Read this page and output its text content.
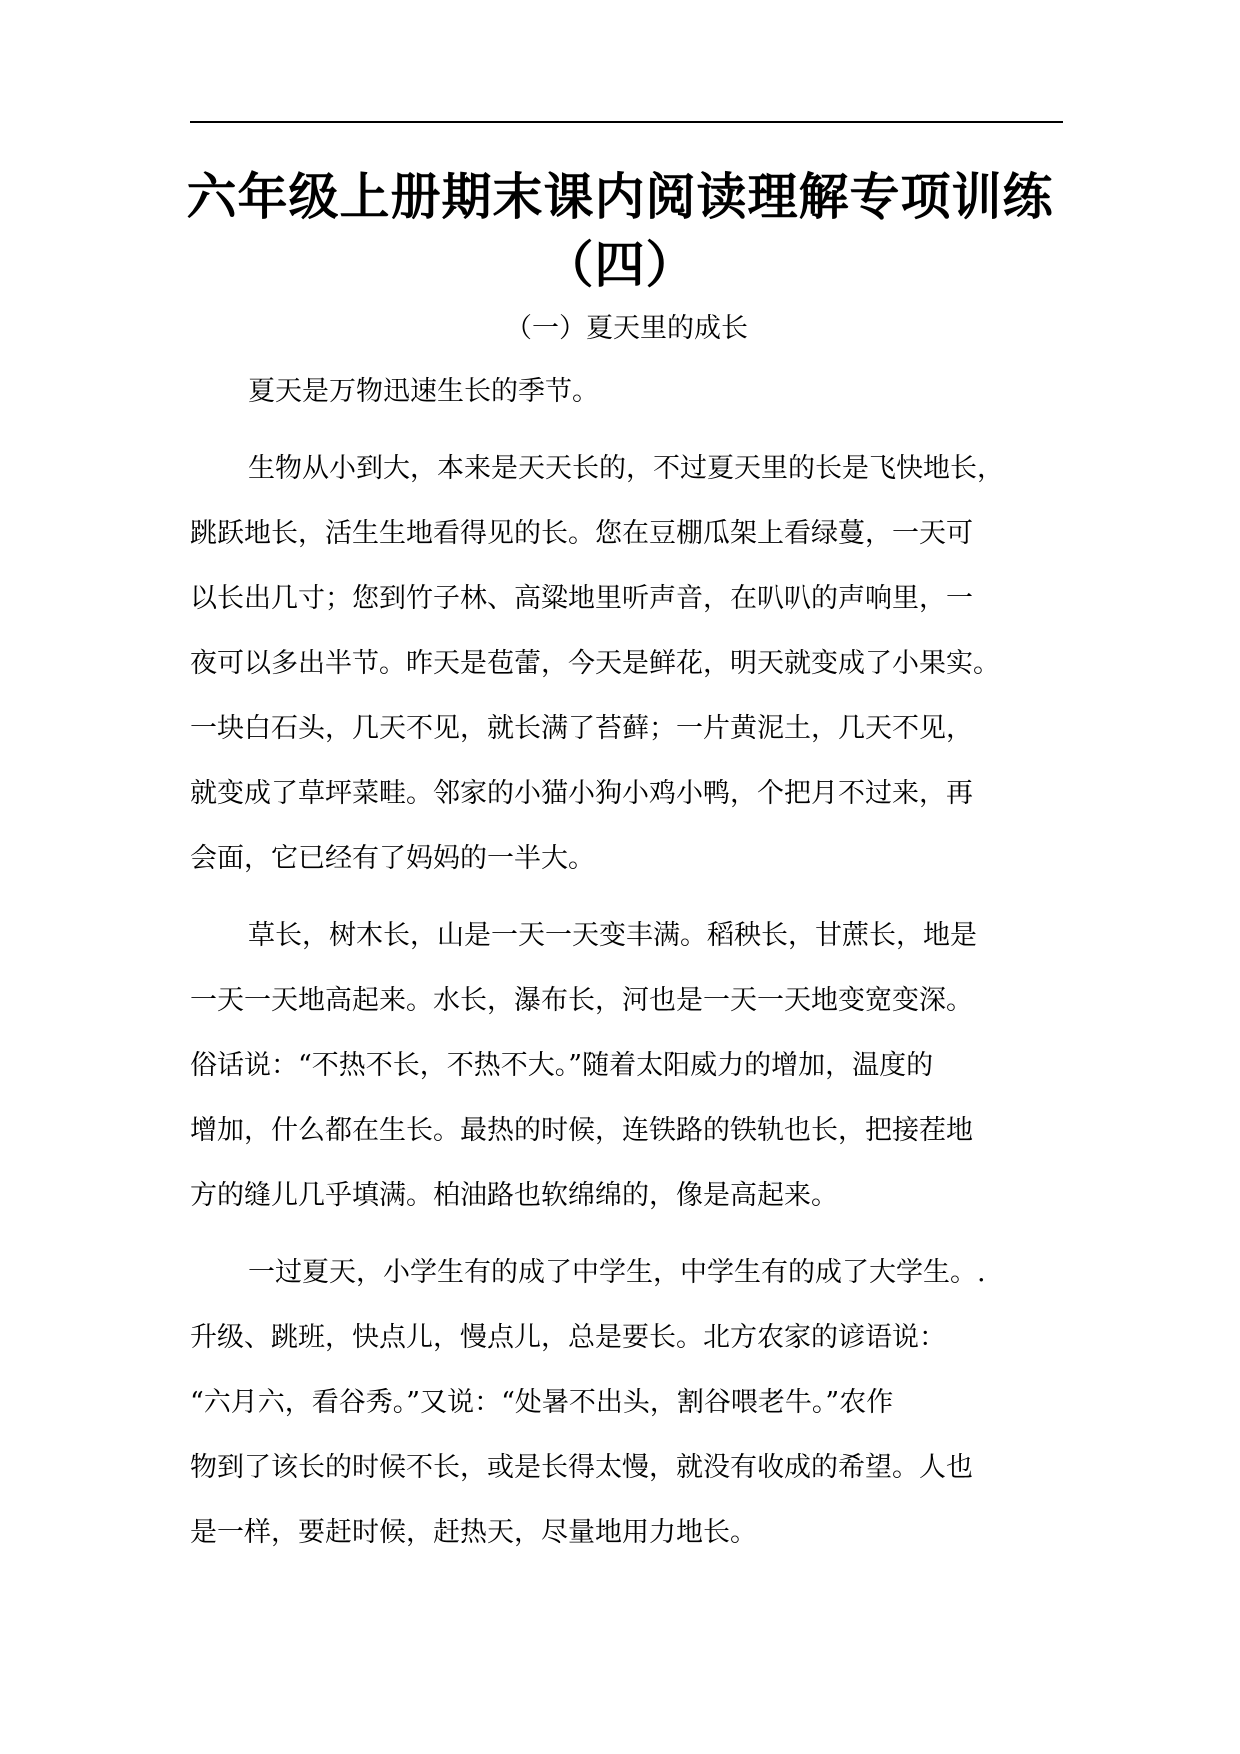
六年级上册期末课内阅读理解专项训练
（四）
（一）夏天里的成长
夏天是万物迅速生长的季节。
生物从小到大，本来是天天长的，不过夏天里的长是飞快地长，
跳跃地长，活生生地看得见的长。您在豆棚瓜架上看绿蔓，一天可
以长出几寸；您到竹子林、高粱地里听声音，在叭叭的声响里，一
夜可以多出半节。昨天是苞蕾，今天是鲜花，明天就变成了小果实。
一块白石头，几天不见，就长满了苔藓；一片黄泥土，几天不见，
就变成了草坪菜畦。邻家的小猫小狗小鸡小鸭，个把月不过来，再
会面，它已经有了妈妈的一半大。
草长，树木长，山是一天一天变丰满。稻秧长，甘蔗长，地是
一天一天地高起来。水长，瀑布长，河也是一天一天地变宽变深。
俗话说：“不热不长，不热不大。”随着太阳威力的增加，温度的
增加，什么都在生长。最热的时候，连铁路的铁轨也长，把接茬地
方的缝儿几乎填满。柏油路也软绵绵的，像是高起来。
一过夏天，小学生有的成了中学生，中学生有的成了大学生。.
升级、跳班，快点儿，慢点儿，总是要长。北方农家的谚语说：
“六月六，看谷秀。”又说：“处暑不出头，割谷喂老牛。”农作
物到了该长的时候不长，或是长得太慢，就没有收成的希望。人也
是一样，要赶时候，赶热天，尽量地用力地长。
